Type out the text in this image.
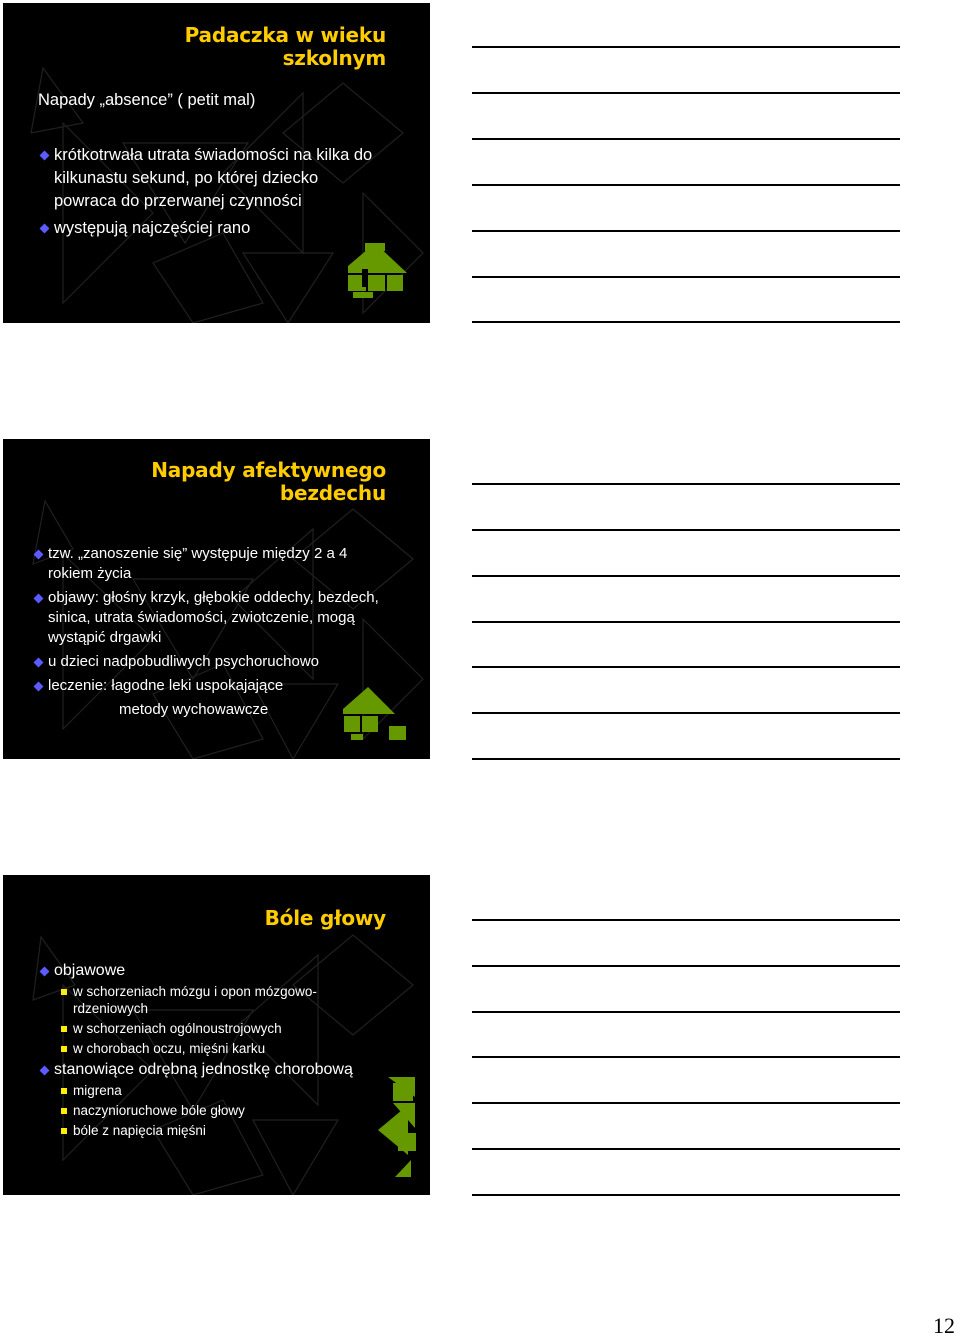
Padaczka w wieku
szkolnym
Napady „absence” ( petit mal)
krótkotrwała utrata świadomości na kilka do kilkunastu sekund, po której dziecko powraca do przerwanej czynności
występują najczęściej rano
Napady afektywnego
bezdechu
tzw. „zanoszenie się” występuje między 2 a 4 rokiem życia
objawy: głośny krzyk, głębokie oddechy, bezdech, sinica, utrata świadomości, zwiotczenie, mogą wystąpić drgawki
u dzieci nadpobudliwych psychoruchowo
leczenie: łagodne leki uspokajające
metody wychowawcze
Bóle głowy
objawowe
w schorzeniach mózgu i opon mózgowo-rdzeniowych
w schorzeniach ogólnoustrojowych
w chorobach oczu, mięśni karku
stanowiące odrębną jednostkę chorobową
migrena
naczynioruchowe bóle głowy
bóle z napięcia mięśni
12
